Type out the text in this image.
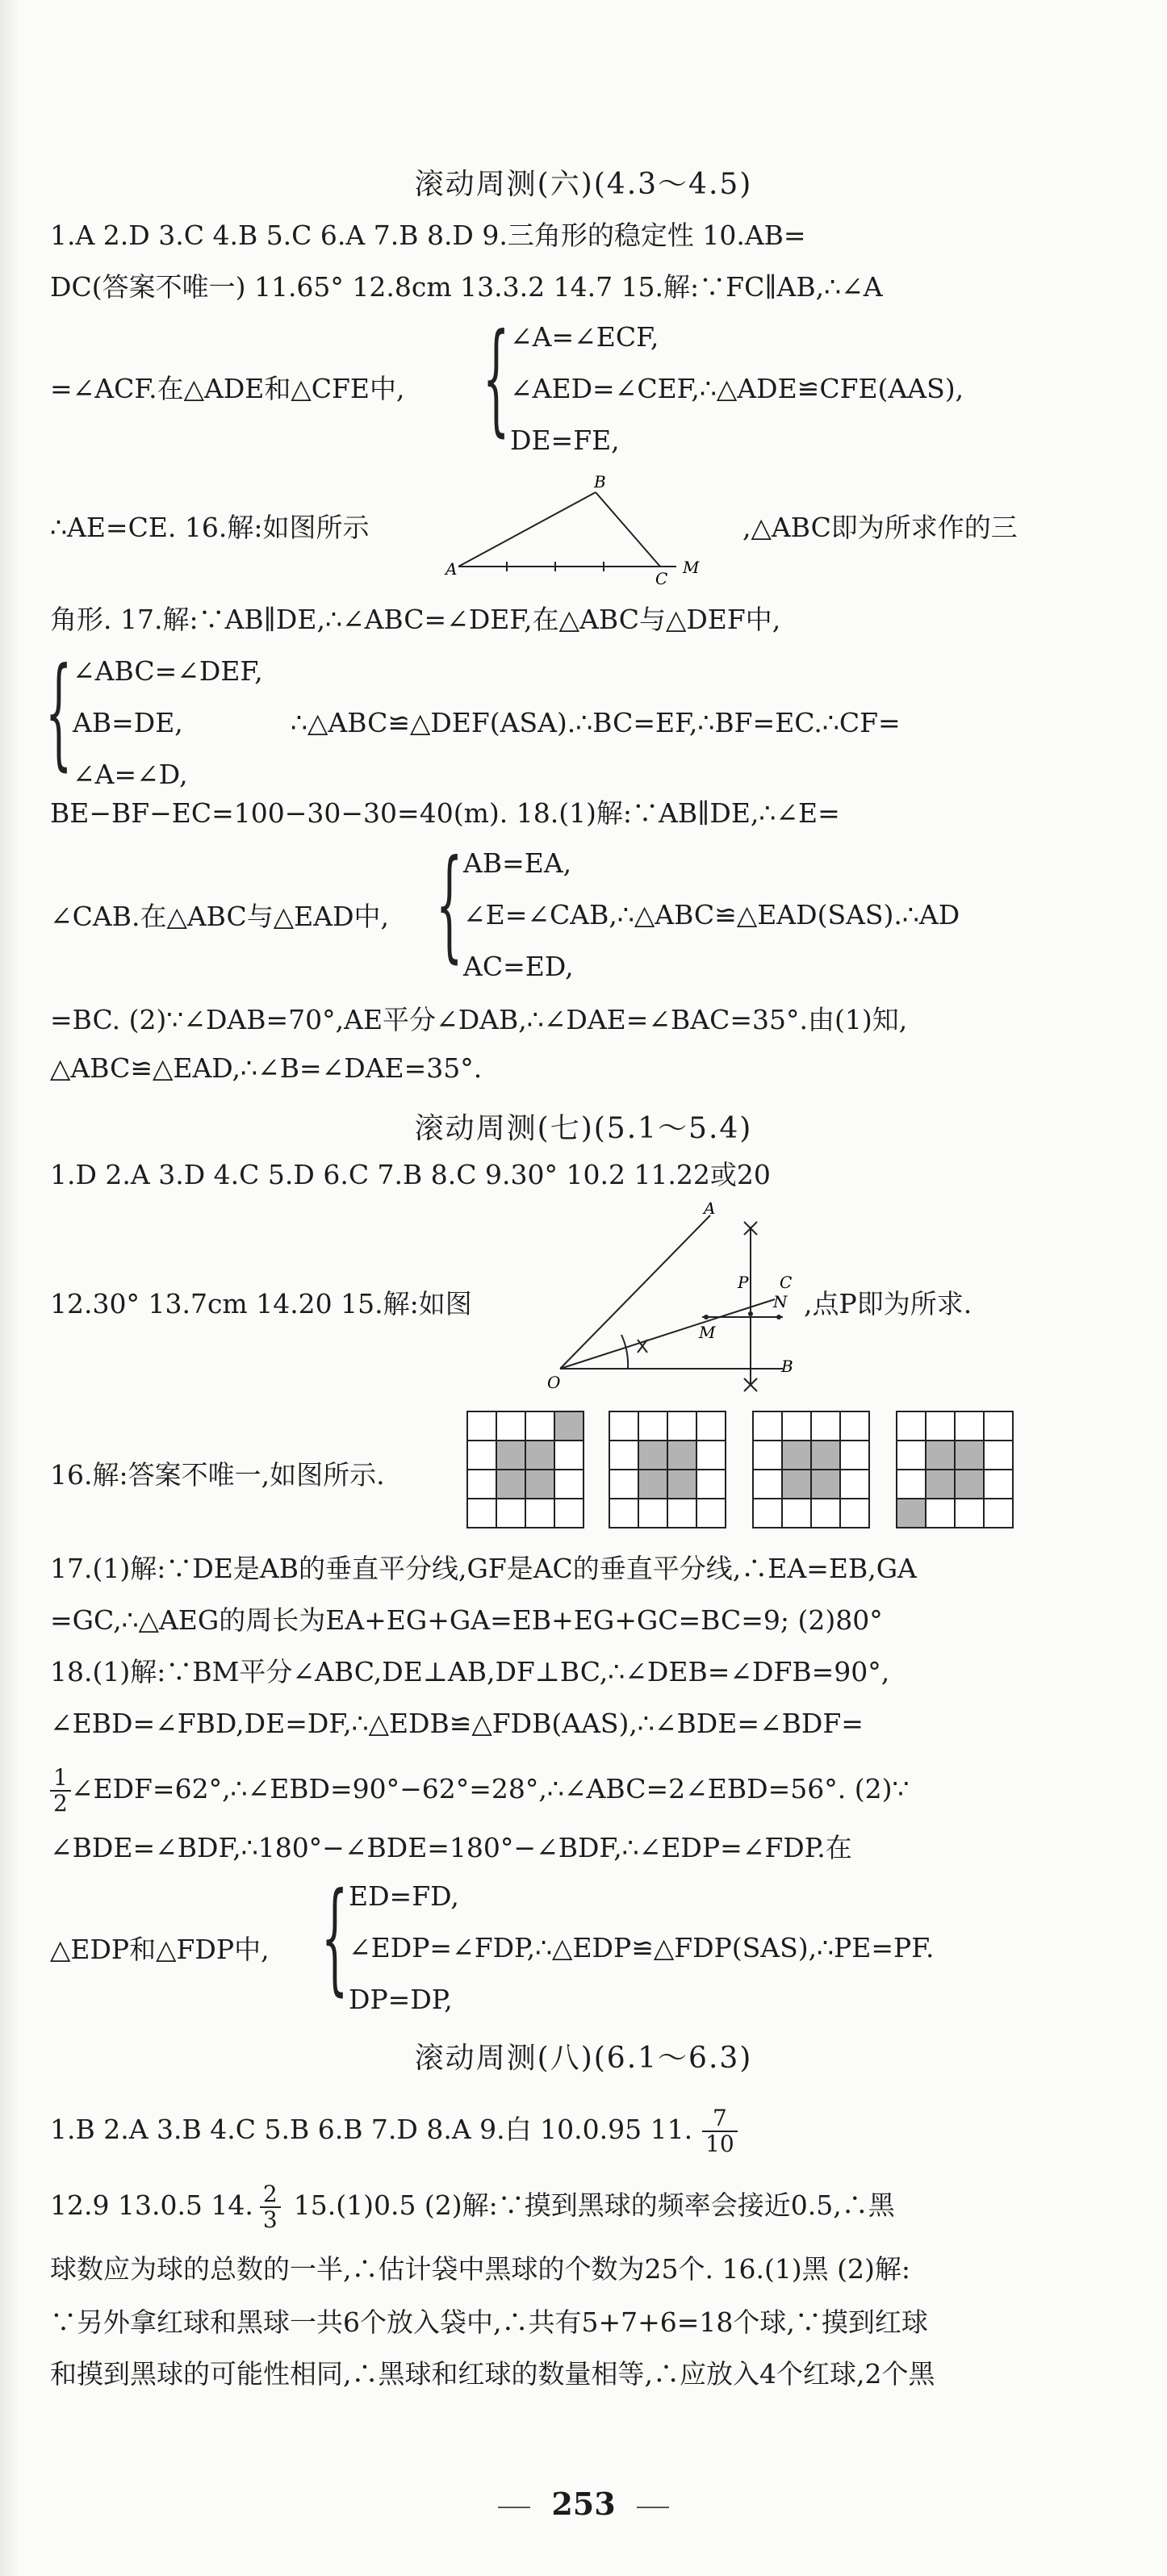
滚动周测(六)(4.3～4.5)
1.A 2.D 3.C 4.B 5.C 6.A 7.B 8.D 9.三角形的稳定性 10.AB=
DC(答案不唯一) 11.65° 12.8cm 13.3.2 14.7 15.解:∵FC∥AB,∴∠A
=∠ACF.在△ADE和△CFE中, { ∠A=∠ECF,
∠AED=∠CEF,∴△ADE≌CFE(AAS),
DE=FE,
∴AE=CE. 16.解:如图所示
A
B
C
M
,△ABC即为所求作的三
角形. 17.解:∵AB∥DE,∴∠ABC=∠DEF,在△ABC与△DEF中,
{ ∠ABC=∠DEF,
AB=DE,
∠A=∠D,
∴△ABC≌△DEF(ASA).∴BC=EF,∴BF=EC.∴CF=
BE−BF−EC=100−30−30=40(m). 18.(1)解:∵AB∥DE,∴∠E=
∠CAB.在△ABC与△EAD中, { AB=EA,
∠E=∠CAB,∴△ABC≌△EAD(SAS).∴AD
AC=ED,
=BC. (2)∵∠DAB=70°,AE平分∠DAB,∴∠DAE=∠BAC=35°.由(1)知,
△ABC≌△EAD,∴∠B=∠DAE=35°.
滚动周测(七)(5.1～5.4)
1.D 2.A 3.D 4.C 5.D 6.C 7.B 8.C 9.30° 10.2 11.22或20
12.30° 13.7cm 14.20 15.解:如图
A
P C
M
N
O
B
,点P即为所求.
16.解:答案不唯一,如图所示.
17.(1)解:∵DE是AB的垂直平分线,GF是AC的垂直平分线,∴EA=EB,GA
=GC,∴△AEG的周长为EA+EG+GA=EB+EG+GC=BC=9; (2)80°
18.(1)解:∵BM平分∠ABC,DE⊥AB,DF⊥BC,∴∠DEB=∠DFB=90°,
∠EBD=∠FBD,DE=DF,∴△EDB≌△FDB(AAS),∴∠BDE=∠BDF=
$\frac{1}{2}$ ∠EDF=62°,∴∠EBD=90°−62°=28°,∴∠ABC=2∠EBD=56°. (2)∵
∠BDE=∠BDF,∴180°−∠BDE=180°−∠BDF,∴∠EDP=∠FDP.在
△EDP和△FDP中, { ED=FD,
∠EDP=∠FDP,∴△EDP≌△FDP(SAS),∴PE=PF.
DP=DP,
滚动周测(八)(6.1～6.3)
1.B 2.A 3.B 4.C 5.B 6.B 7.D 8.A 9.白 10.0.95 11. $\frac{7}{10}$
12.9 13.0.5 14. $\frac{2}{3} 15.(1)0.5$ (2)解:∵摸到黑球的频率会接近0.5,∴黑
球数应为球的总数的一半,∴估计袋中黑球的个数为25个. 16.(1)黑 (2)解:
∵另外拿红球和黑球一共6个放入袋中,∴共有5+7+6=18个球,∵摸到红球
和摸到黑球的可能性相同,∴黑球和红球的数量相等,∴应放入4个红球,2个黑
253
